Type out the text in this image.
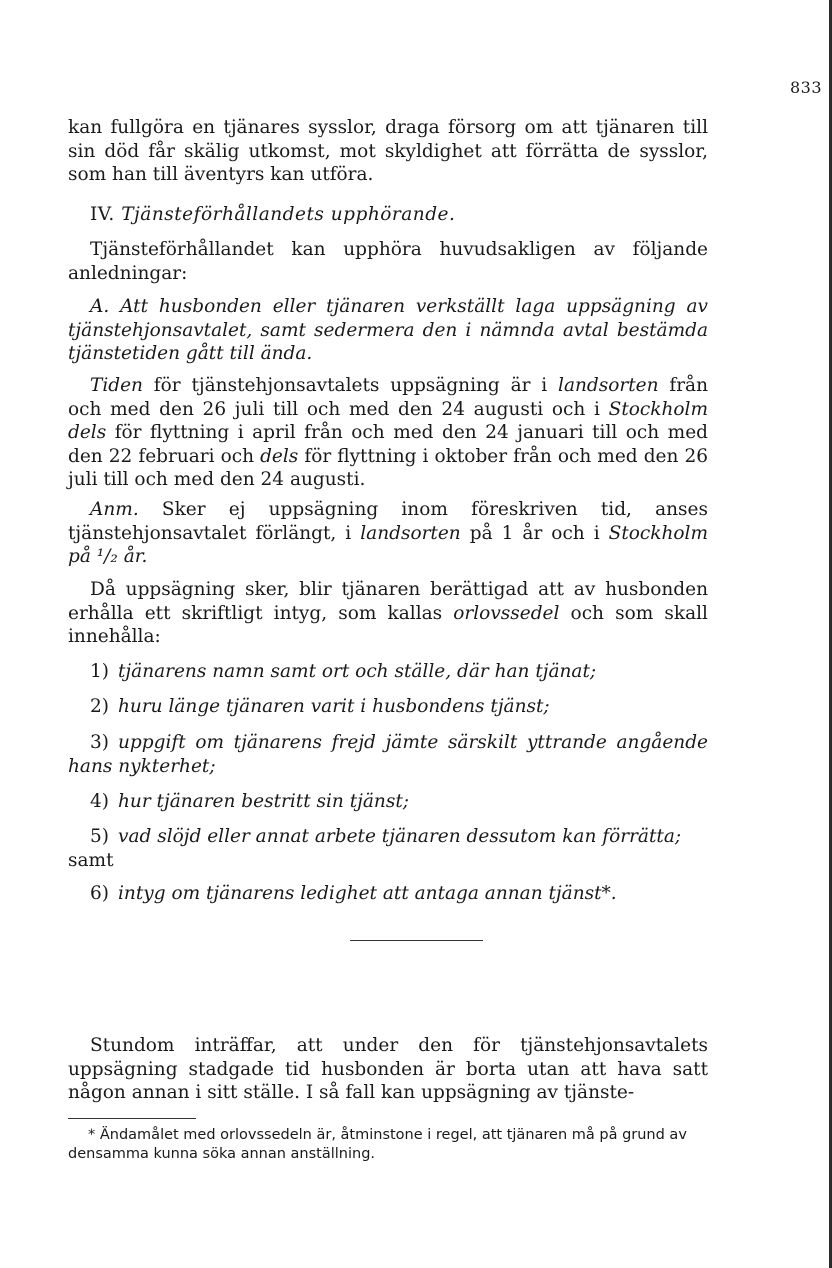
833

kan fullgöra en tjänares sysslor, draga försorg om att tjänaren till sin död får skälig utkomst, mot skyldighet att förrätta de sysslor, som han till äventyrs kan utföra.

IV. Tjänsteförhållandets upphörande.

Tjänsteförhållandet kan upphöra huvudsakligen av följande anledningar:

A. Att husbonden eller tjänaren verkställt laga uppsägning av tjänstehjonsavtalet, samt sedermera den i nämnda avtal bestämda tjänstetiden gått till ända.

Tiden för tjänstehjonsavtalets uppsägning är i landsorten från och med den 26 juli till och med den 24 augusti och i Stockholm dels för flyttning i april från och med den 24 januari till och med den 22 februari och dels för flyttning i oktober från och med den 26 juli till och med den 24 augusti.

Anm. Sker ej uppsägning inom föreskriven tid, anses tjänstehjonsavtalet förlängt, i landsorten på 1 år och i Stockholm på ¹/₂ år.

Då uppsägning sker, blir tjänaren berättigad att av husbonden erhålla ett skriftligt intyg, som kallas orlovssedel och som skall innehålla:

1) tjänarens namn samt ort och ställe, där han tjänat;
2) huru länge tjänaren varit i husbondens tjänst;
3) uppgift om tjänarens frejd jämte särskilt yttrande angående hans nykterhet;
4) hur tjänaren bestritt sin tjänst;
5) vad slöjd eller annat arbete tjänaren dessutom kan förrätta;
samt
6) intyg om tjänarens ledighet att antaga annan tjänst*.

Stundom inträffar, att under den för tjänstehjonsavtalets uppsägning stadgade tid husbonden är borta utan att hava satt någon annan i sitt ställe. I så fall kan uppsägning av tjänste-

* Ändamålet med orlovssedeln är, åtminstone i regel, att tjänaren må på grund av densamma kunna söka annan anställning.
